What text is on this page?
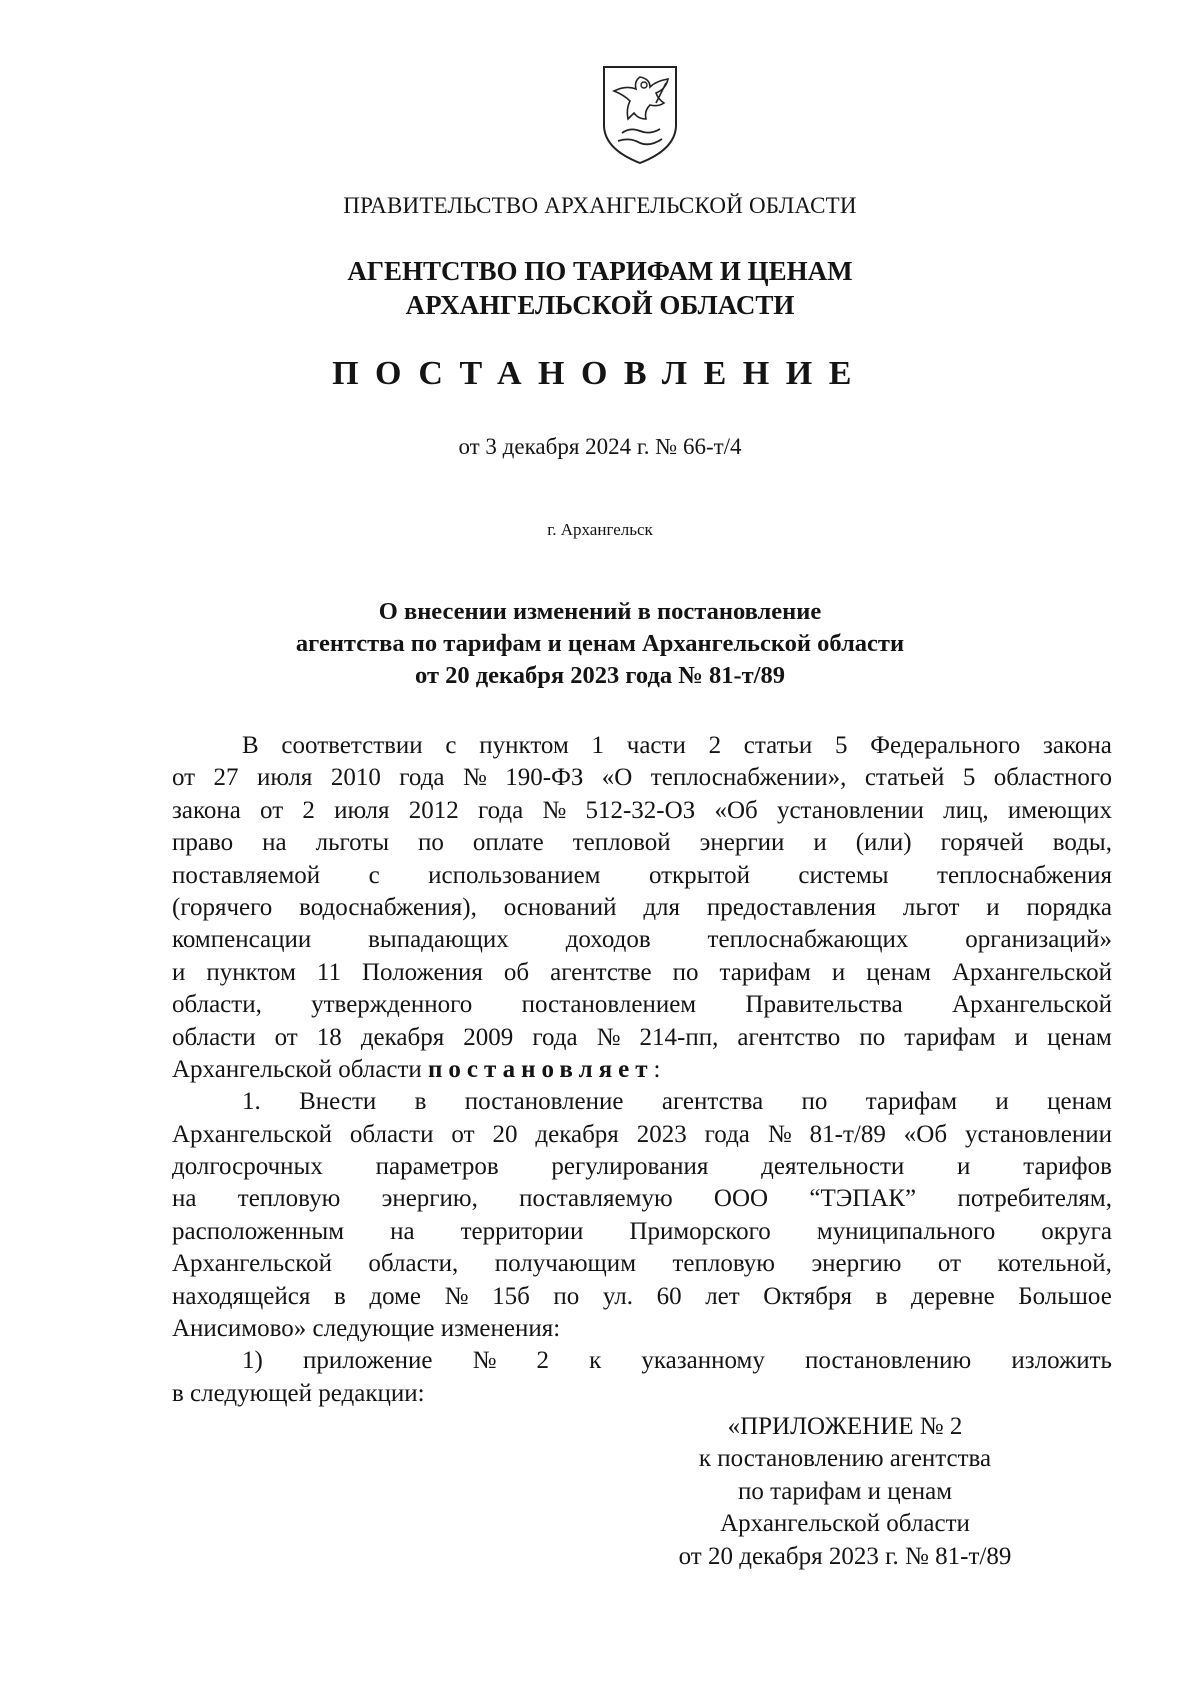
ПРАВИТЕЛЬСТВО АРХАНГЕЛЬСКОЙ ОБЛАСТИ
АГЕНТСТВО ПО ТАРИФАМ И ЦЕНАМ
АРХАНГЕЛЬСКОЙ ОБЛАСТИ
ПОСТАНОВЛЕНИЕ
от 3 декабря 2024 г. № 66-т/4
г. Архангельск
О внесении изменений в постановление
агентства по тарифам и ценам Архангельской области
от 20 декабря 2023 года № 81-т/89
В соответствии с пунктом 1 части 2 статьи 5 Федерального закона
от 27 июля 2010 года № 190-ФЗ «О теплоснабжении», статьей 5 областного
закона от 2 июля 2012 года № 512-32-ОЗ «Об установлении лиц, имеющих
право на льготы по оплате тепловой энергии и (или) горячей воды,
поставляемой с использованием открытой системы теплоснабжения
(горячего водоснабжения), оснований для предоставления льгот и порядка
компенсации выпадающих доходов теплоснабжающих организаций»
и пунктом 11 Положения об агентстве по тарифам и ценам Архангельской
области, утвержденного постановлением Правительства Архангельской
области от 18 декабря 2009 года № 214-пп, агентство по тарифам и ценам
Архангельской области постановляет:
1. Внести в постановление агентства по тарифам и ценам
Архангельской области от 20 декабря 2023 года № 81-т/89 «Об установлении
долгосрочных параметров регулирования деятельности и тарифов
на тепловую энергию, поставляемую ООО “ТЭПАК” потребителям,
расположенным на территории Приморского муниципального округа
Архангельской области, получающим тепловую энергию от котельной,
находящейся в доме № 15б по ул. 60 лет Октября в деревне Большое
Анисимово» следующие изменения:
1) приложение № 2 к указанному постановлению изложить
в следующей редакции:
«ПРИЛОЖЕНИЕ № 2
к постановлению агентства
по тарифам и ценам
Архангельской области
от 20 декабря 2023 г. № 81-т/89
